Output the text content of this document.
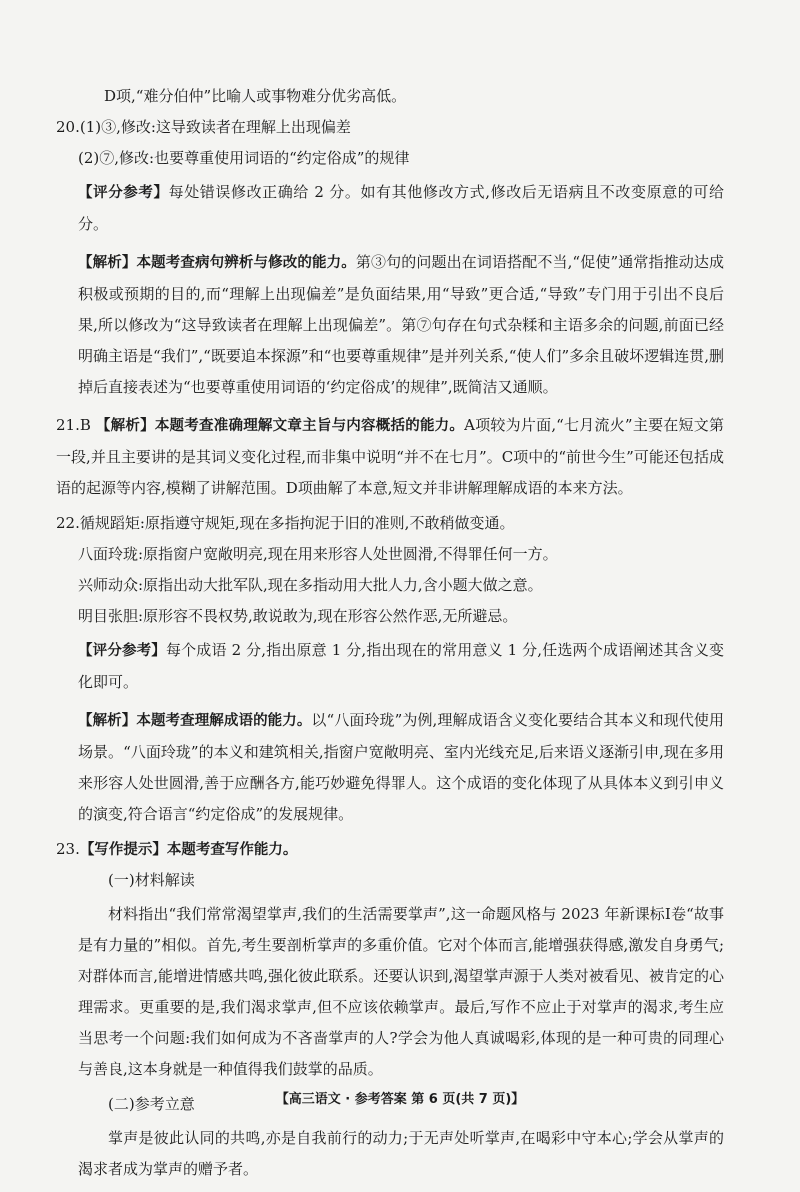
D项,“难分伯仲”比喻人或事物难分优劣高低。
20.(1)③,修改:这导致读者在理解上出现偏差
(2)⑦,修改:也要尊重使用词语的“约定俗成”的规律

【评分参考】每处错误修改正确给 2 分。如有其他修改方式,修改后无语病且不改变原意的可给分。

【解析】本题考查病句辨析与修改的能力。第③句的问题出在词语搭配不当,“促使”通常指推动达成积极或预期的目的,而“理解上出现偏差”是负面结果,用“导致”更合适,“导致”专门用于引出不良后果,所以修改为“这导致读者在理解上出现偏差”。第⑦句存在句式杂糅和主语多余的问题,前面已经明确主语是“我们”,“既要追本探源”和“也要尊重规律”是并列关系,“使人们”多余且破坏逻辑连贯,删掉后直接表述为“也要尊重使用词语的‘约定俗成’的规律”,既简洁又通顺。

21.B 【解析】本题考查准确理解文章主旨与内容概括的能力。A项较为片面,“七月流火”主要在短文第一段,并且主要讲的是其词义变化过程,而非集中说明“并不在七月”。C项中的“前世今生”可能还包括成语的起源等内容,模糊了讲解范围。D项曲解了本意,短文并非讲解理解成语的本来方法。

22.循规蹈矩:原指遵守规矩,现在多指拘泥于旧的准则,不敢稍做变通。
八面玲珑:原指窗户宽敞明亮,现在用来形容人处世圆滑,不得罪任何一方。
兴师动众:原指出动大批军队,现在多指动用大批人力,含小题大做之意。
明目张胆:原形容不畏权势,敢说敢为,现在形容公然作恶,无所避忌。

【评分参考】每个成语 2 分,指出原意 1 分,指出现在的常用意义 1 分,任选两个成语阐述其含义变化即可。

【解析】本题考查理解成语的能力。以“八面玲珑”为例,理解成语含义变化要结合其本义和现代使用场景。“八面玲珑”的本义和建筑相关,指窗户宽敞明亮、室内光线充足,后来语义逐渐引申,现在多用来形容人处世圆滑,善于应酬各方,能巧妙避免得罪人。这个成语的变化体现了从具体本义到引申义的演变,符合语言“约定俗成”的发展规律。

23.【写作提示】本题考查写作能力。
(一)材料解读

材料指出“我们常常渴望掌声,我们的生活需要掌声”,这一命题风格与 2023 年新课标Ⅰ卷“故事是有力量的”相似。首先,考生要剖析掌声的多重价值。它对个体而言,能增强获得感,激发自身勇气;对群体而言,能增进情感共鸣,强化彼此联系。还要认识到,渴望掌声源于人类对被看见、被肯定的心理需求。更重要的是,我们渴求掌声,但不应该依赖掌声。最后,写作不应止于对掌声的渴求,考生应当思考一个问题:我们如何成为不吝啬掌声的人?学会为他人真诚喝彩,体现的是一种可贵的同理心与善良,这本身就是一种值得我们鼓掌的品质。

(二)参考立意

掌声是彼此认同的共鸣,亦是自我前行的动力;于无声处听掌声,在喝彩中守本心;学会从掌声的渴求者成为掌声的赠予者。

【高三语文 · 参考答案 第 6 页(共 7 页)】
